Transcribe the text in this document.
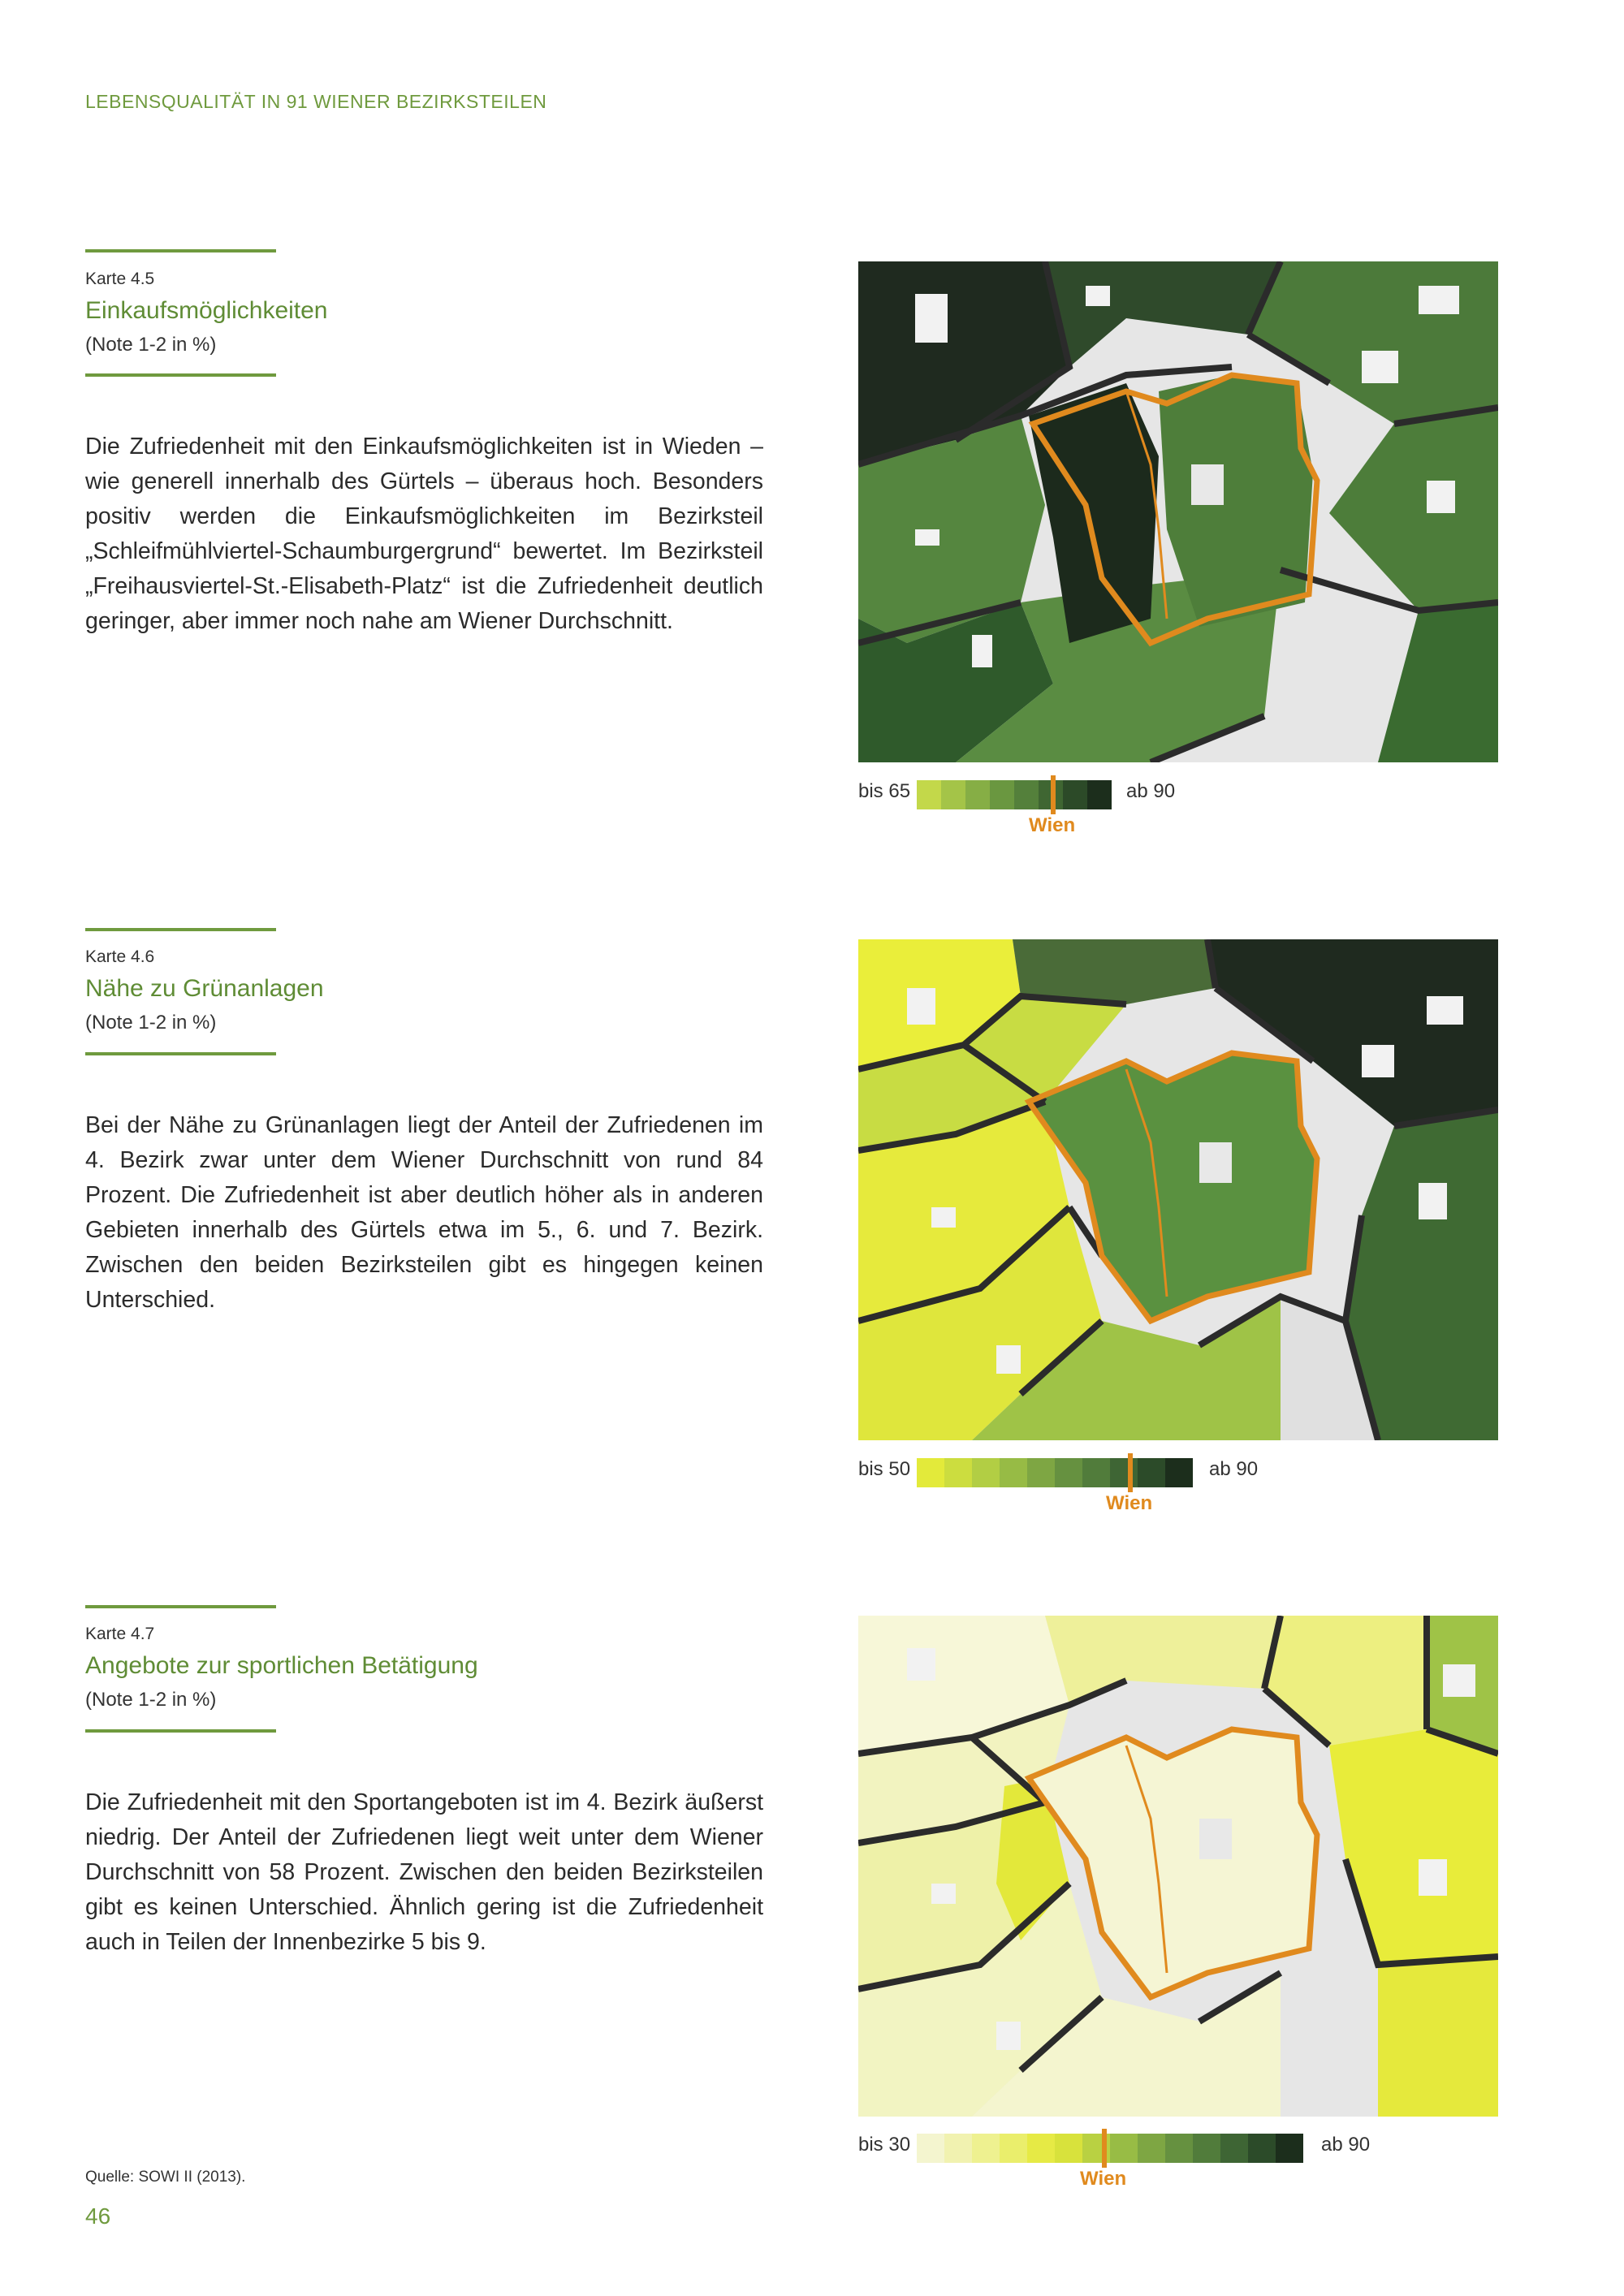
LEBENSQUALITÄT IN 91 WIENER BEZIRKSTEILEN
Karte 4.5
Einkaufsmöglichkeiten
(Note 1-2 in %)
Die Zufriedenheit mit den Einkaufsmöglichkeiten ist in Wieden – wie generell innerhalb des Gürtels – überaus hoch. Besonders positiv werden die Einkaufsmöglichkeiten im Bezirksteil „Schleifmühlviertel-Schaumburgergrund“ bewertet. Im Bezirksteil „Freihausviertel-St.-Elisabeth-Platz“ ist die Zufriedenheit deutlich geringer, aber immer noch nahe am Wiener Durchschnitt.
bis 65
Wien
ab 90
Karte 4.6
Nähe zu Grünanlagen
(Note 1-2 in %)
Bei der Nähe zu Grünanlagen liegt der Anteil der Zufriedenen im 4. Bezirk zwar unter dem Wiener Durchschnitt von rund 84 Prozent. Die Zufriedenheit ist aber deutlich höher als in anderen Gebieten innerhalb des Gürtels etwa im 5., 6. und 7. Bezirk. Zwischen den beiden Bezirksteilen gibt es hingegen keinen Unterschied.
bis 50
Wien
ab 90
Karte 4.7
Angebote zur sportlichen Betätigung
(Note 1-2 in %)
Die Zufriedenheit mit den Sportangeboten ist im 4. Bezirk äußerst niedrig. Der Anteil der Zufriedenen liegt weit unter dem Wiener Durchschnitt von 58 Prozent. Zwischen den beiden Bezirksteilen gibt es keinen Unterschied. Ähnlich gering ist die Zufriedenheit auch in Teilen der Innenbezirke 5 bis 9.
bis 30
Wien
ab 90
Quelle: SOWI II (2013).
46
